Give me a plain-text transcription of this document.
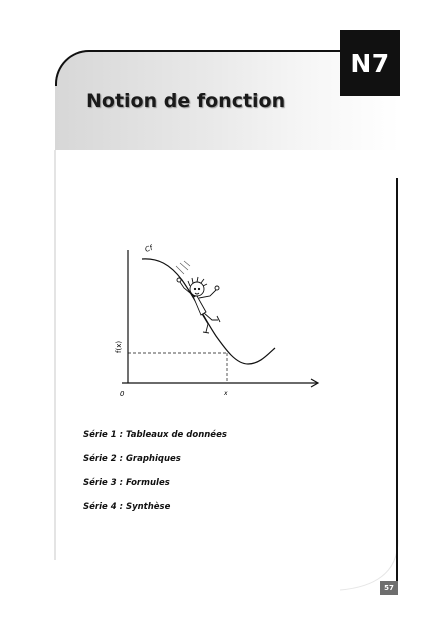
N7
Notion de fonction
f(x)
0	x
Cf
Série 1 : Tableaux de données
Série 2 : Graphiques
Série 3 : Formules
Série 4 : Synthèse
57
